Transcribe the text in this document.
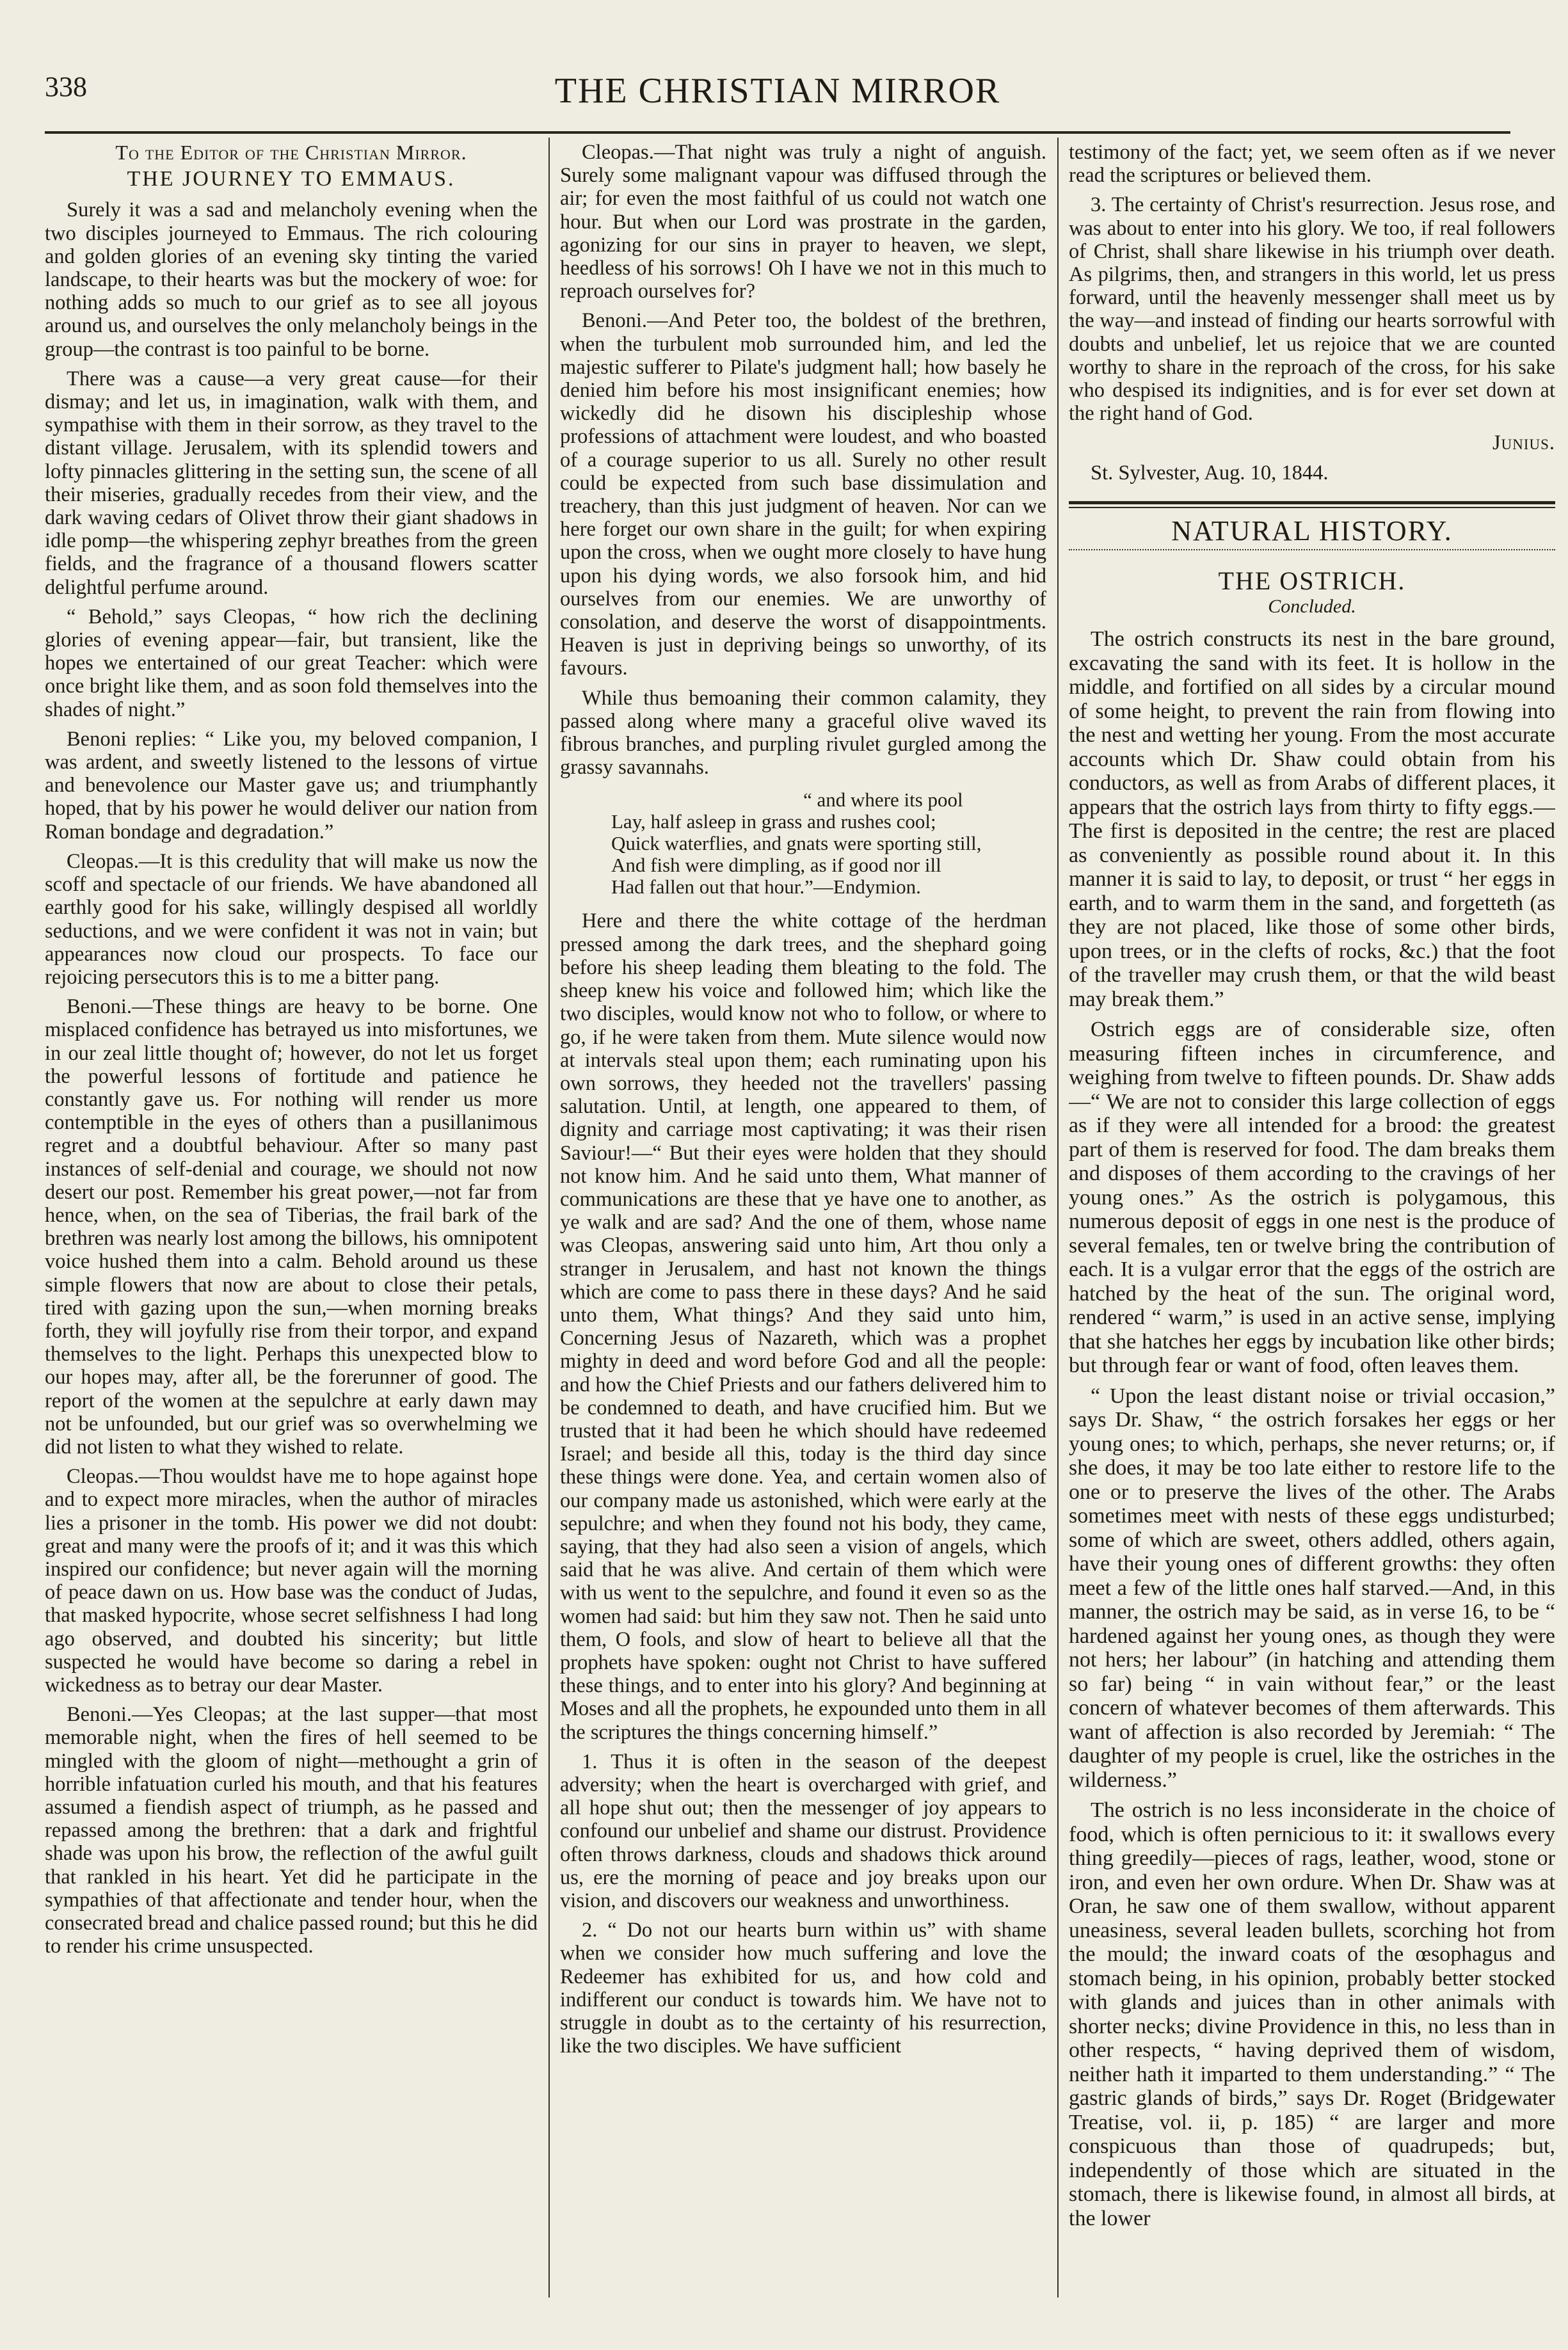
338	THE CHRISTIAN MIRROR

To the Editor of the Christian Mirror.

THE JOURNEY TO EMMAUS.

Surely it was a sad and melancholy evening when the two disciples journeyed to Emmaus. The rich colouring and golden glories of an evening sky tinting the varied landscape, to their hearts was but the mockery of woe: for nothing adds so much to our grief as to see all joyous around us, and ourselves the only melancholy beings in the group—the contrast is too painful to be borne.

There was a cause—a very great cause—for their dismay; and let us, in imagination, walk with them, and sympathise with them in their sorrow, as they travel to the distant village. Jerusalem, with its splendid towers and lofty pinnacles glittering in the setting sun, the scene of all their miseries, gradually recedes from their view, and the dark waving cedars of Olivet throw their giant shadows in idle pomp—the whispering zephyr breathes from the green fields, and the fragrance of a thousand flowers scatter delightful perfume around.

“ Behold,” says Cleopas, “ how rich the declining glories of evening appear—fair, but transient, like the hopes we entertained of our great Teacher: which were once bright like them, and as soon fold themselves into the shades of night.”

Benoni replies: “ Like you, my beloved companion, I was ardent, and sweetly listened to the lessons of virtue and benevolence our Master gave us; and triumphantly hoped, that by his power he would deliver our nation from Roman bondage and degradation.”

Cleopas.—It is this credulity that will make us now the scoff and spectacle of our friends. We have abandoned all earthly good for his sake, willingly despised all worldly seductions, and we were confident it was not in vain; but appearances now cloud our prospects. To face our rejoicing persecutors this is to me a bitter pang.

Benoni.—These things are heavy to be borne. One misplaced confidence has betrayed us into misfortunes, we in our zeal little thought of; however, do not let us forget the powerful lessons of fortitude and patience he constantly gave us. For nothing will render us more contemptible in the eyes of others than a pusillanimous regret and a doubtful behaviour. After so many past instances of self-denial and courage, we should not now desert our post. Remember his great power,—not far from hence, when, on the sea of Tiberias, the frail bark of the brethren was nearly lost among the billows, his omnipotent voice hushed them into a calm. Behold around us these simple flowers that now are about to close their petals, tired with gazing upon the sun,—when morning breaks forth, they will joyfully rise from their torpor, and expand themselves to the light. Perhaps this unexpected blow to our hopes may, after all, be the forerunner of good. The report of the women at the sepulchre at early dawn may not be unfounded, but our grief was so overwhelming we did not listen to what they wished to relate.

Cleopas.—Thou wouldst have me to hope against hope and to expect more miracles, when the author of miracles lies a prisoner in the tomb. His power we did not doubt: great and many were the proofs of it; and it was this which inspired our confidence; but never again will the morning of peace dawn on us. How base was the conduct of Judas, that masked hypocrite, whose secret selfishness I had long ago observed, and doubted his sincerity; but little suspected he would have become so daring a rebel in wickedness as to betray our dear Master.

Benoni.—Yes Cleopas; at the last supper—that most memorable night, when the fires of hell seemed to be mingled with the gloom of night—methought a grin of horrible infatuation curled his mouth, and that his features assumed a fiendish aspect of triumph, as he passed and repassed among the brethren: that a dark and frightful shade was upon his brow, the reflection of the awful guilt that rankled in his heart. Yet did he participate in the sympathies of that affectionate and tender hour, when the consecrated bread and chalice passed round; but this he did to render his crime unsuspected.

Cleopas.—That night was truly a night of anguish. Surely some malignant vapour was diffused through the air; for even the most faithful of us could not watch one hour. But when our Lord was prostrate in the garden, agonizing for our sins in prayer to heaven, we slept, heedless of his sorrows! Oh I have we not in this much to reproach ourselves for?

Benoni.—And Peter too, the boldest of the brethren, when the turbulent mob surrounded him, and led the majestic sufferer to Pilate's judgment hall; how basely he denied him before his most insignificant enemies; how wickedly did he disown his discipleship whose professions of attachment were loudest, and who boasted of a courage superior to us all. Surely no other result could be expected from such base dissimulation and treachery, than this just judgment of heaven. Nor can we here forget our own share in the guilt; for when expiring upon the cross, when we ought more closely to have hung upon his dying words, we also forsook him, and hid ourselves from our enemies. We are unworthy of consolation, and deserve the worst of disappointments. Heaven is just in depriving beings so unworthy, of its favours.

While thus bemoaning their common calamity, they passed along where many a graceful olive waved its fibrous branches, and purpling rivulet gurgled among the grassy savannahs.

“ and where its pool
Lay, half asleep in grass and rushes cool;
Quick waterflies, and gnats were sporting still,
And fish were dimpling, as if good nor ill
Had fallen out that hour.”—Endymion.

Here and there the white cottage of the herdman pressed among the dark trees, and the shephard going before his sheep leading them bleating to the fold. The sheep knew his voice and followed him; which like the two disciples, would know not who to follow, or where to go, if he were taken from them. Mute silence would now at intervals steal upon them; each ruminating upon his own sorrows, they heeded not the travellers' passing salutation. Until, at length, one appeared to them, of dignity and carriage most captivating; it was their risen Saviour!—“ But their eyes were holden that they should not know him. And he said unto them, What manner of communications are these that ye have one to another, as ye walk and are sad? And the one of them, whose name was Cleopas, answering said unto him, Art thou only a stranger in Jerusalem, and hast not known the things which are come to pass there in these days? And he said unto them, What things? And they said unto him, Concerning Jesus of Nazareth, which was a prophet mighty in deed and word before God and all the people: and how the Chief Priests and our fathers delivered him to be condemned to death, and have crucified him. But we trusted that it had been he which should have redeemed Israel; and beside all this, today is the third day since these things were done. Yea, and certain women also of our company made us astonished, which were early at the sepulchre; and when they found not his body, they came, saying, that they had also seen a vision of angels, which said that he was alive. And certain of them which were with us went to the sepulchre, and found it even so as the women had said: but him they saw not. Then he said unto them, O fools, and slow of heart to believe all that the prophets have spoken: ought not Christ to have suffered these things, and to enter into his glory? And beginning at Moses and all the prophets, he expounded unto them in all the scriptures the things concerning himself.”

1. Thus it is often in the season of the deepest adversity; when the heart is overcharged with grief, and all hope shut out; then the messenger of joy appears to confound our unbelief and shame our distrust. Providence often throws darkness, clouds and shadows thick around us, ere the morning of peace and joy breaks upon our vision, and discovers our weakness and unworthiness.

2. “ Do not our hearts burn within us” with shame when we consider how much suffering and love the Redeemer has exhibited for us, and how cold and indifferent our conduct is towards him. We have not to struggle in doubt as to the certainty of his resurrection, like the two disciples. We have sufficient

testimony of the fact; yet, we seem often as if we never read the scriptures or believed them.

3. The certainty of Christ's resurrection. Jesus rose, and was about to enter into his glory. We too, if real followers of Christ, shall share likewise in his triumph over death. As pilgrims, then, and strangers in this world, let us press forward, until the heavenly messenger shall meet us by the way—and instead of finding our hearts sorrowful with doubts and unbelief, let us rejoice that we are counted worthy to share in the reproach of the cross, for his sake who despised its indignities, and is for ever set down at the right hand of God.

Junius.

St. Sylvester, Aug. 10, 1844.

NATURAL HISTORY.

THE OSTRICH.

Concluded.

The ostrich constructs its nest in the bare ground, excavating the sand with its feet. It is hollow in the middle, and fortified on all sides by a circular mound of some height, to prevent the rain from flowing into the nest and wetting her young. From the most accurate accounts which Dr. Shaw could obtain from his conductors, as well as from Arabs of different places, it appears that the ostrich lays from thirty to fifty eggs.—The first is deposited in the centre; the rest are placed as conveniently as possible round about it. In this manner it is said to lay, to deposit, or trust “ her eggs in earth, and to warm them in the sand, and forgetteth (as they are not placed, like those of some other birds, upon trees, or in the clefts of rocks, &c.) that the foot of the traveller may crush them, or that the wild beast may break them.”

Ostrich eggs are of considerable size, often measuring fifteen inches in circumference, and weighing from twelve to fifteen pounds. Dr. Shaw adds—“ We are not to consider this large collection of eggs as if they were all intended for a brood: the greatest part of them is reserved for food. The dam breaks them and disposes of them according to the cravings of her young ones.” As the ostrich is polygamous, this numerous deposit of eggs in one nest is the produce of several females, ten or twelve bring the contribution of each. It is a vulgar error that the eggs of the ostrich are hatched by the heat of the sun. The original word, rendered “ warm,” is used in an active sense, implying that she hatches her eggs by incubation like other birds; but through fear or want of food, often leaves them.

“ Upon the least distant noise or trivial occasion,” says Dr. Shaw, “ the ostrich forsakes her eggs or her young ones; to which, perhaps, she never returns; or, if she does, it may be too late either to restore life to the one or to preserve the lives of the other. The Arabs sometimes meet with nests of these eggs undisturbed; some of which are sweet, others addled, others again, have their young ones of different growths: they often meet a few of the little ones half starved.—And, in this manner, the ostrich may be said, as in verse 16, to be “ hardened against her young ones, as though they were not hers; her labour” (in hatching and attending them so far) being “ in vain without fear,” or the least concern of whatever becomes of them afterwards. This want of affection is also recorded by Jeremiah: “ The daughter of my people is cruel, like the ostriches in the wilderness.”

The ostrich is no less inconsiderate in the choice of food, which is often pernicious to it: it swallows every thing greedily—pieces of rags, leather, wood, stone or iron, and even her own ordure. When Dr. Shaw was at Oran, he saw one of them swallow, without apparent uneasiness, several leaden bullets, scorching hot from the mould; the inward coats of the œsophagus and stomach being, in his opinion, probably better stocked with glands and juices than in other animals with shorter necks; divine Providence in this, no less than in other respects, “ having deprived them of wisdom, neither hath it imparted to them understanding.” “ The gastric glands of birds,” says Dr. Roget (Bridgewater Treatise, vol. ii, p. 185) “ are larger and more conspicuous than those of quadrupeds; but, independently of those which are situated in the stomach, there is likewise found, in almost all birds, at the lower
